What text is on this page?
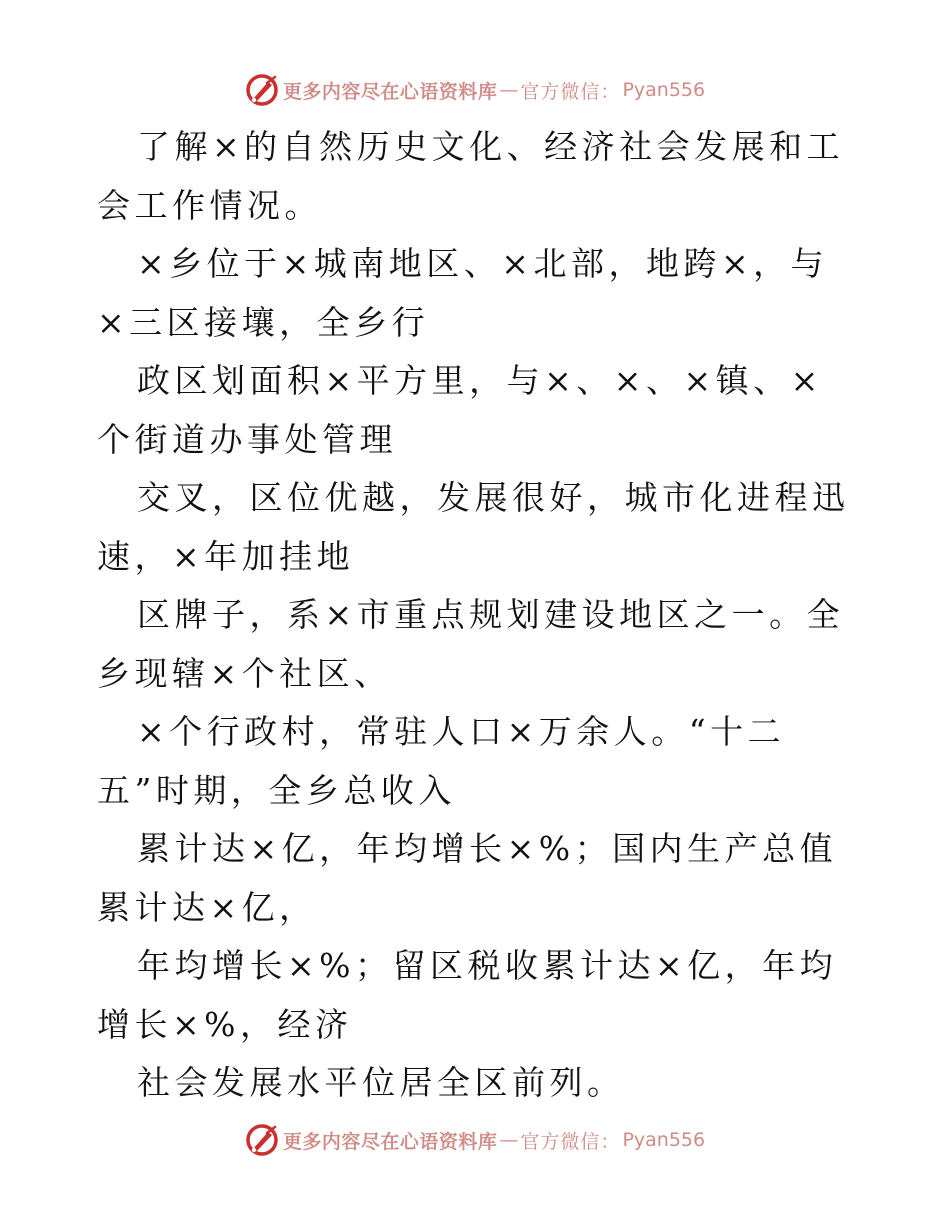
更多内容尽在心语资料库 — 官方微信： Pyan556

了解×的自然历史文化、经济社会发展和工会工作情况。

×乡位于×城南地区、×北部，地跨×，与×三区接壤，全乡行

政区划面积×平方里，与×、×、×镇、×个街道办事处管理

交叉，区位优越，发展很好，城市化进程迅速，×年加挂地

区牌子，系×市重点规划建设地区之一。全乡现辖×个社区、

×个行政村，常驻人口×万余人。“十二五”时期，全乡总收入

累计达×亿，年均增长×%；国内生产总值累计达×亿，

年均增长×%；留区税收累计达×亿，年均增长×%，经济

社会发展水平位居全区前列。

更多内容尽在心语资料库 — 官方微信： Pyan556
